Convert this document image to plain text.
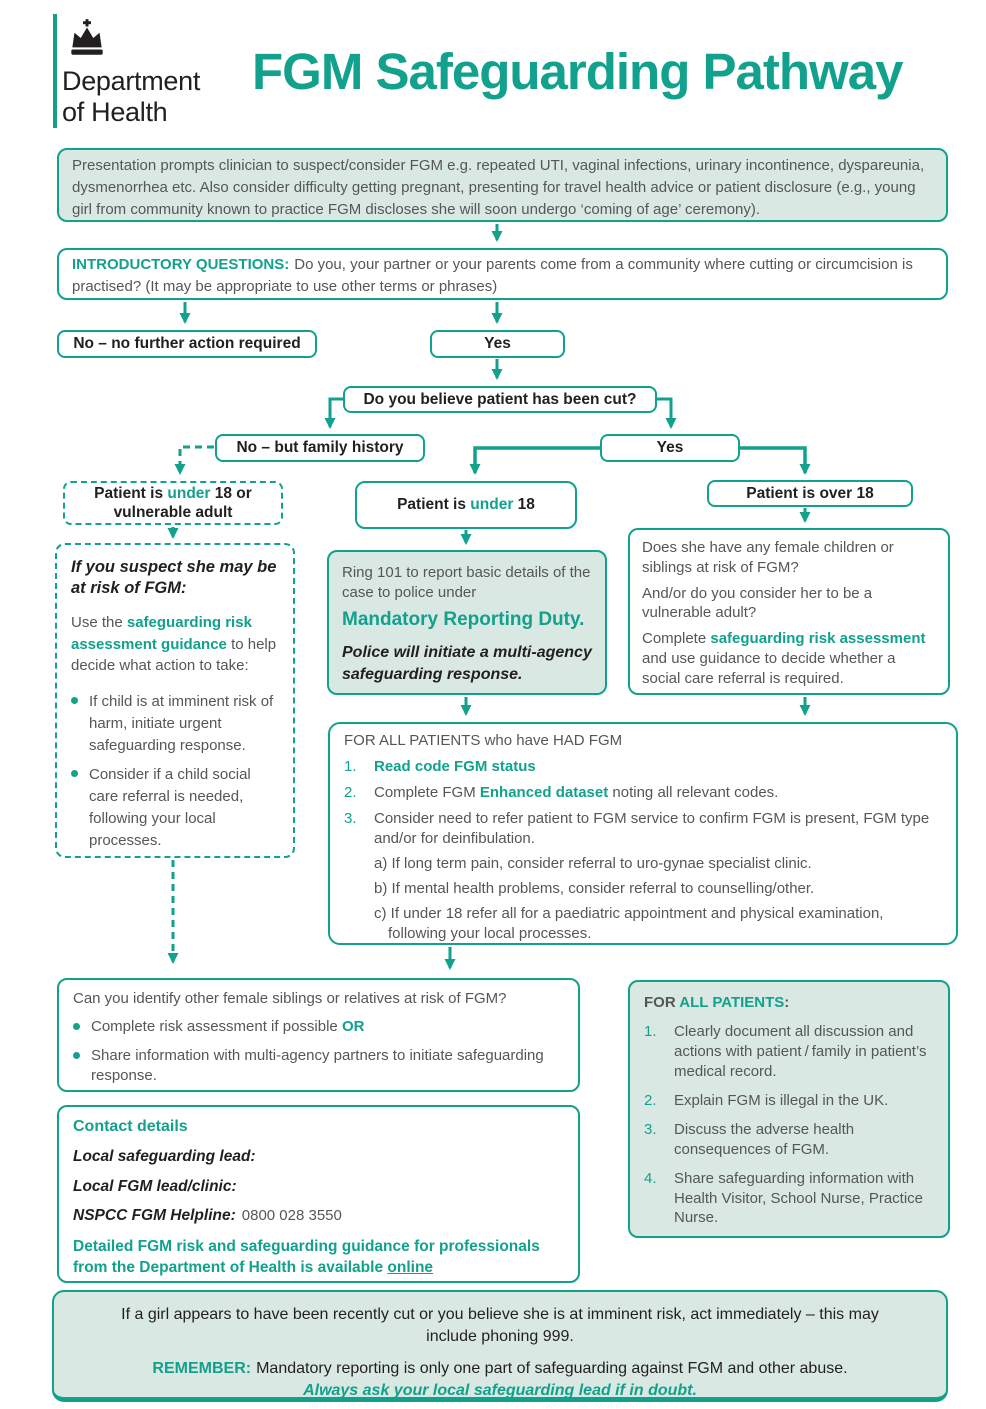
Department
of Health
FGM Safeguarding Pathway
Presentation prompts clinician to suspect/consider FGM e.g. repeated UTI, vaginal infections, urinary incontinence, dyspareunia, dysmenorrhea etc. Also consider difficulty getting pregnant, presenting for travel health advice or patient disclosure (e.g., young girl from community known to practice FGM discloses she will soon undergo ‘coming of age’ ceremony).
INTRODUCTORY QUESTIONS: Do you, your partner or your parents come from a community where cutting or circumcision is practised? (It may be appropriate to use other terms or phrases)
No – no further action required	Yes
Do you believe patient has been cut?
No – but family history	Yes
Patient is under 18 or vulnerable adult	Patient is under 18
Patient is over 18
If you suspect she may be at risk of FGM:
Use the safeguarding risk assessment guidance to help decide what action to take:
If child is at imminent risk of harm, initiate urgent safeguarding response.
Consider if a child social care referral is needed, following your local processes.
Ring 101 to report basic details of the case to police under
Mandatory Reporting Duty.
Police will initiate a multi-agency safeguarding response.
Does she have any female children or siblings at risk of FGM?
And/or do you consider her to be a vulnerable adult?
Complete safeguarding risk assessment and use guidance to decide whether a social care referral is required.
FOR ALL PATIENTS who have HAD FGM
1.	Read code FGM status
2.	Complete FGM Enhanced dataset noting all relevant codes.
3.	Consider need to refer patient to FGM service to confirm FGM is present, FGM type and/or for deinfibulation.
a) If long term pain, consider referral to uro-gynae specialist clinic.
b) If mental health problems, consider referral to counselling/other.
c) If under 18 refer all for a paediatric appointment and physical examination, following your local processes.
Can you identify other female siblings or relatives at risk of FGM?
Complete risk assessment if possible OR
Share information with multi-agency partners to initiate safeguarding response.
FOR ALL PATIENTS:
1.	Clearly document all discussion and actions with patient / family in patient’s medical record.
2.	Explain FGM is illegal in the UK.
3.	Discuss the adverse health consequences of FGM.
4.	Share safeguarding information with Health Visitor, School Nurse, Practice Nurse.
Contact details
Local safeguarding lead:
Local FGM lead/clinic:
NSPCC FGM Helpline: 0800 028 3550
Detailed FGM risk and safeguarding guidance for professionals from the Department of Health is available online
If a girl appears to have been recently cut or you believe she is at imminent risk, act immediately – this may include phoning 999.
REMEMBER: Mandatory reporting is only one part of safeguarding against FGM and other abuse.
Always ask your local safeguarding lead if in doubt.
